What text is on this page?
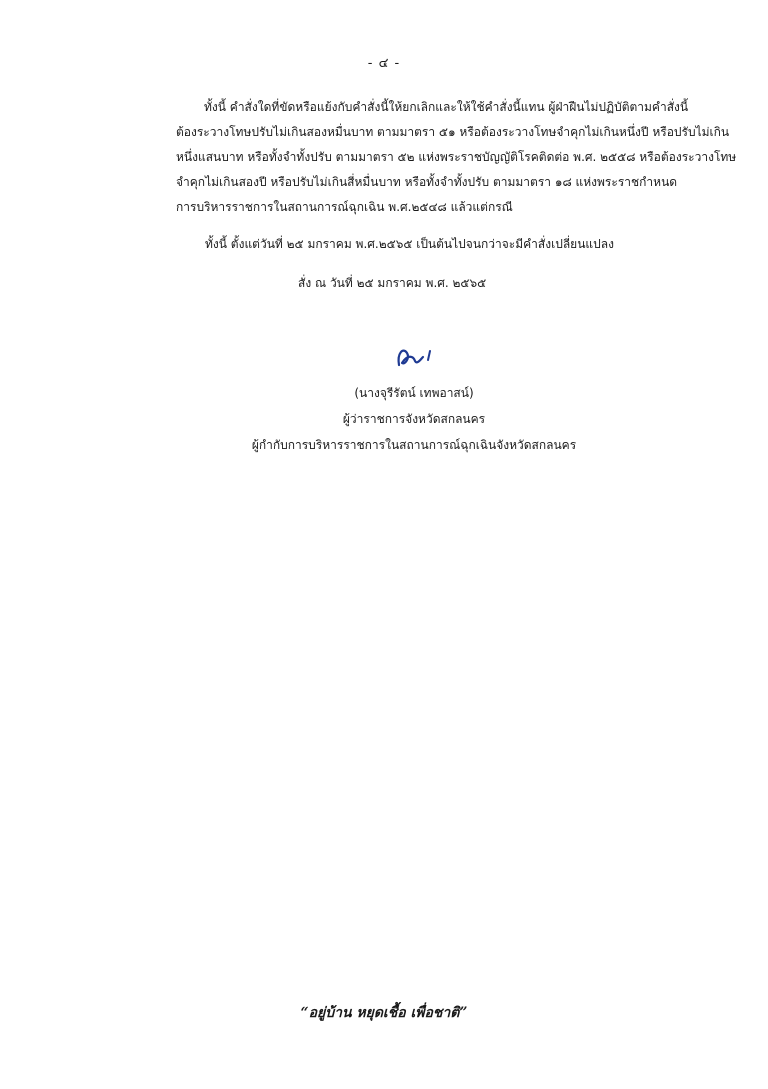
- ๔ -
ทั้งนี้ คำสั่งใดที่ขัดหรือแย้งกับคำสั่งนี้ให้ยกเลิกและให้ใช้คำสั่งนี้แทน ผู้ฝ่าฝืนไม่ปฏิบัติตามคำสั่งนี้
ต้องระวางโทษปรับไม่เกินสองหมื่นบาท ตามมาตรา ๕๑ หรือต้องระวางโทษจำคุกไม่เกินหนึ่งปี หรือปรับไม่เกิน
หนึ่งแสนบาท หรือทั้งจำทั้งปรับ ตามมาตรา ๕๒ แห่งพระราชบัญญัติโรคติดต่อ พ.ศ. ๒๕๕๘ หรือต้องระวางโทษ
จำคุกไม่เกินสองปี หรือปรับไม่เกินสี่หมื่นบาท หรือทั้งจำทั้งปรับ ตามมาตรา ๑๘ แห่งพระราชกำหนด
การบริหารราชการในสถานการณ์ฉุกเฉิน พ.ศ.๒๕๔๘ แล้วแต่กรณี
ทั้งนี้ ตั้งแต่วันที่ ๒๕ มกราคม พ.ศ.๒๕๖๕ เป็นต้นไปจนกว่าจะมีคำสั่งเปลี่ยนแปลง
สั่ง ณ วันที่ ๒๕ มกราคม พ.ศ. ๒๕๖๕
(นางจุรีรัตน์ เทพอาสน์)
ผู้ว่าราชการจังหวัดสกลนคร
ผู้กำกับการบริหารราชการในสถานการณ์ฉุกเฉินจังหวัดสกลนคร
“อยู่บ้าน หยุดเชื้อ เพื่อชาติ”
